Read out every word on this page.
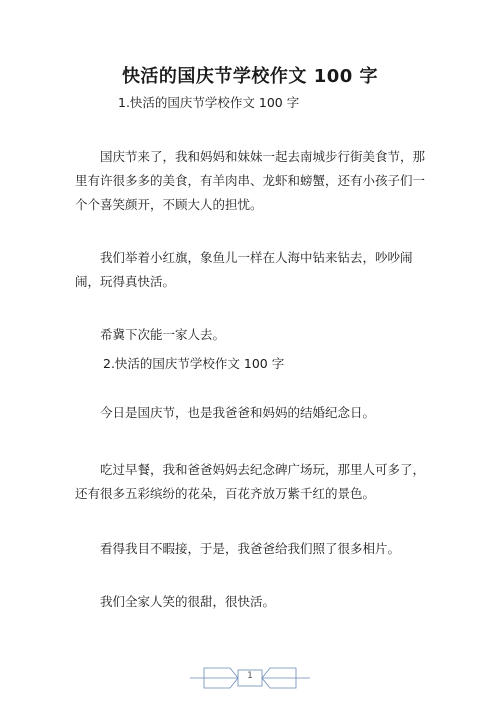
快活的国庆节学校作文 100 字
1.快活的国庆节学校作文 100 字
国庆节来了，我和妈妈和妹妹一起去南城步行街美食节，那里有许很多多的美食，有羊肉串、龙虾和螃蟹，还有小孩子们一个个喜笑颜开，不顾大人的担忧。
我们举着小红旗，象鱼儿一样在人海中钻来钻去，吵吵闹闹，玩得真快活。
希冀下次能一家人去。
2.快活的国庆节学校作文 100 字
今日是国庆节，也是我爸爸和妈妈的结婚纪念日。
吃过早餐，我和爸爸妈妈去纪念碑广场玩，那里人可多了，还有很多五彩缤纷的花朵，百花齐放万紫千红的景色。
看得我目不暇接，于是，我爸爸给我们照了很多相片。
我们全家人笑的很甜，很快活。
1
